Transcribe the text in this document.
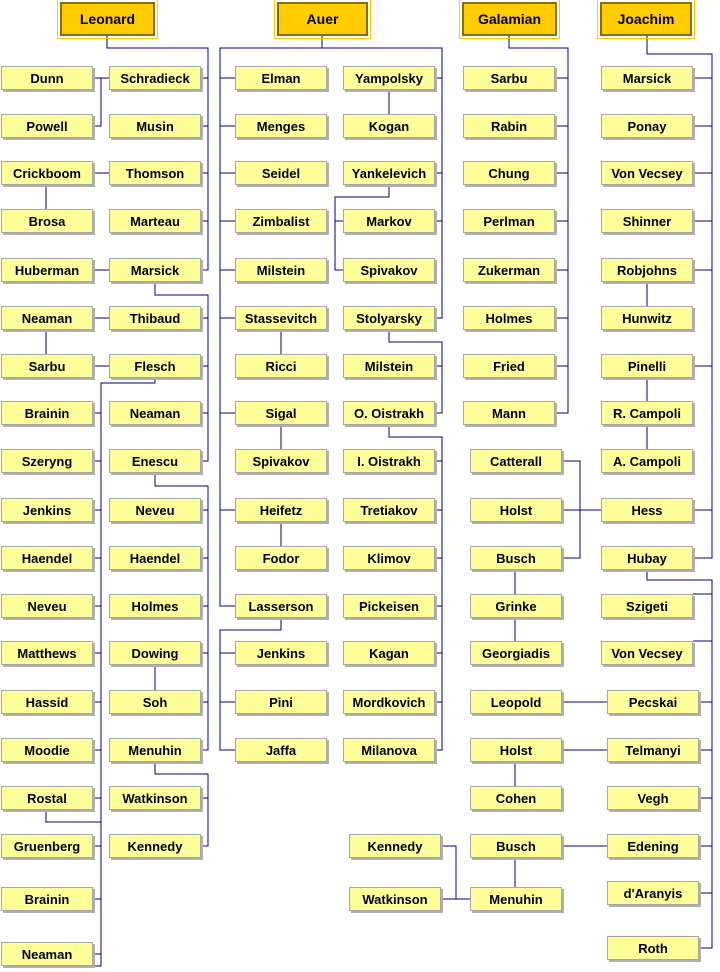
Leonard	Auer	Galamian	Joachim
Dunn
Powell
Crickboom
Brosa
Huberman
Neaman
Sarbu
Brainin
Szeryng
Jenkins
Haendel
Neveu
Matthews
Hassid
Moodie
Rostal
Gruenberg
Brainin
Neaman
Schradieck
Musin
Thomson
Marteau
Marsick
Thibaud
Flesch
Neaman
Enescu
Neveu
Haendel
Holmes
Dowing
Soh
Menuhin
Watkinson
Kennedy
Elman
Menges
Seidel
Zimbalist
Milstein
Stassevitch
Ricci
Sigal
Spivakov
Heifetz
Fodor
Lasserson
Jenkins
Pini
Jaffa
Yampolsky
Kogan
Yankelevich
Markov
Spivakov
Stolyarsky
Milstein
O. Oistrakh
I. Oistrakh
Tretiakov
Klimov
Pickeisen
Kagan
Mordkovich
Milanova
Sarbu
Rabin
Chung
Perlman
Zukerman
Holmes
Fried
Mann
Catterall
Holst
Busch
Grinke
Georgiadis
Leopold
Holst
Cohen
Kennedy	Busch
Watkinson	Menuhin
Marsick
Ponay
Von Vecsey
Shinner
Robjohns
Hunwitz
Pinelli
R. Campoli
A. Campoli
Hess
Hubay
Szigeti
Von Vecsey
Pecskai
Telmanyi
Vegh
Edening
d'Aranyis
Roth
